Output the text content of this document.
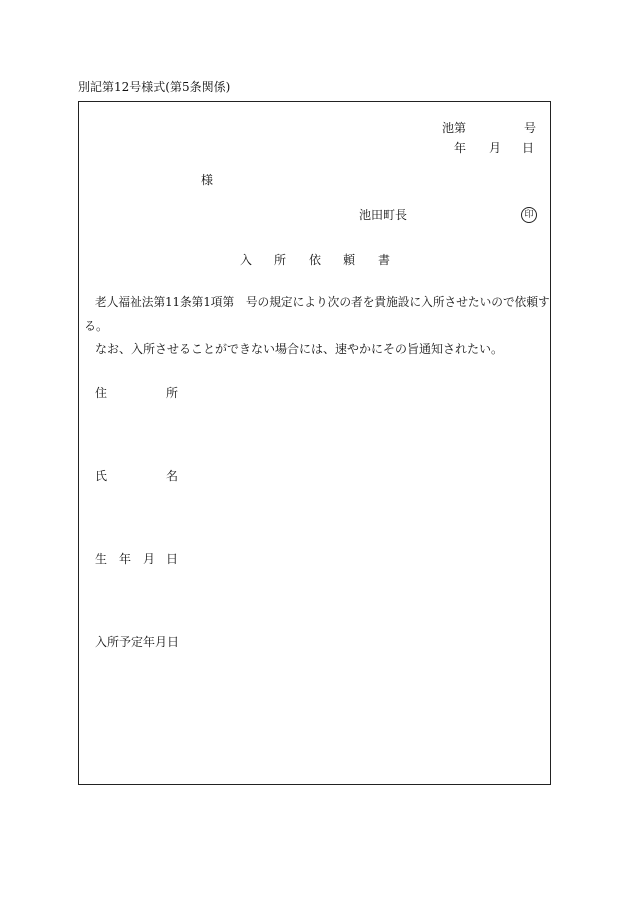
別記第12号様式(第5条関係)
池第	号
年 月 日
様
池田町長	印
入 所 依 頼 書
老人福祉法第11条第1項第　号の規定により次の者を貴施設に入所させたいので依頼す
る。
なお、入所させることができない場合には、速やかにその旨通知されたい。
住	所
氏	名
生 年 月 日
入所予定年月日
